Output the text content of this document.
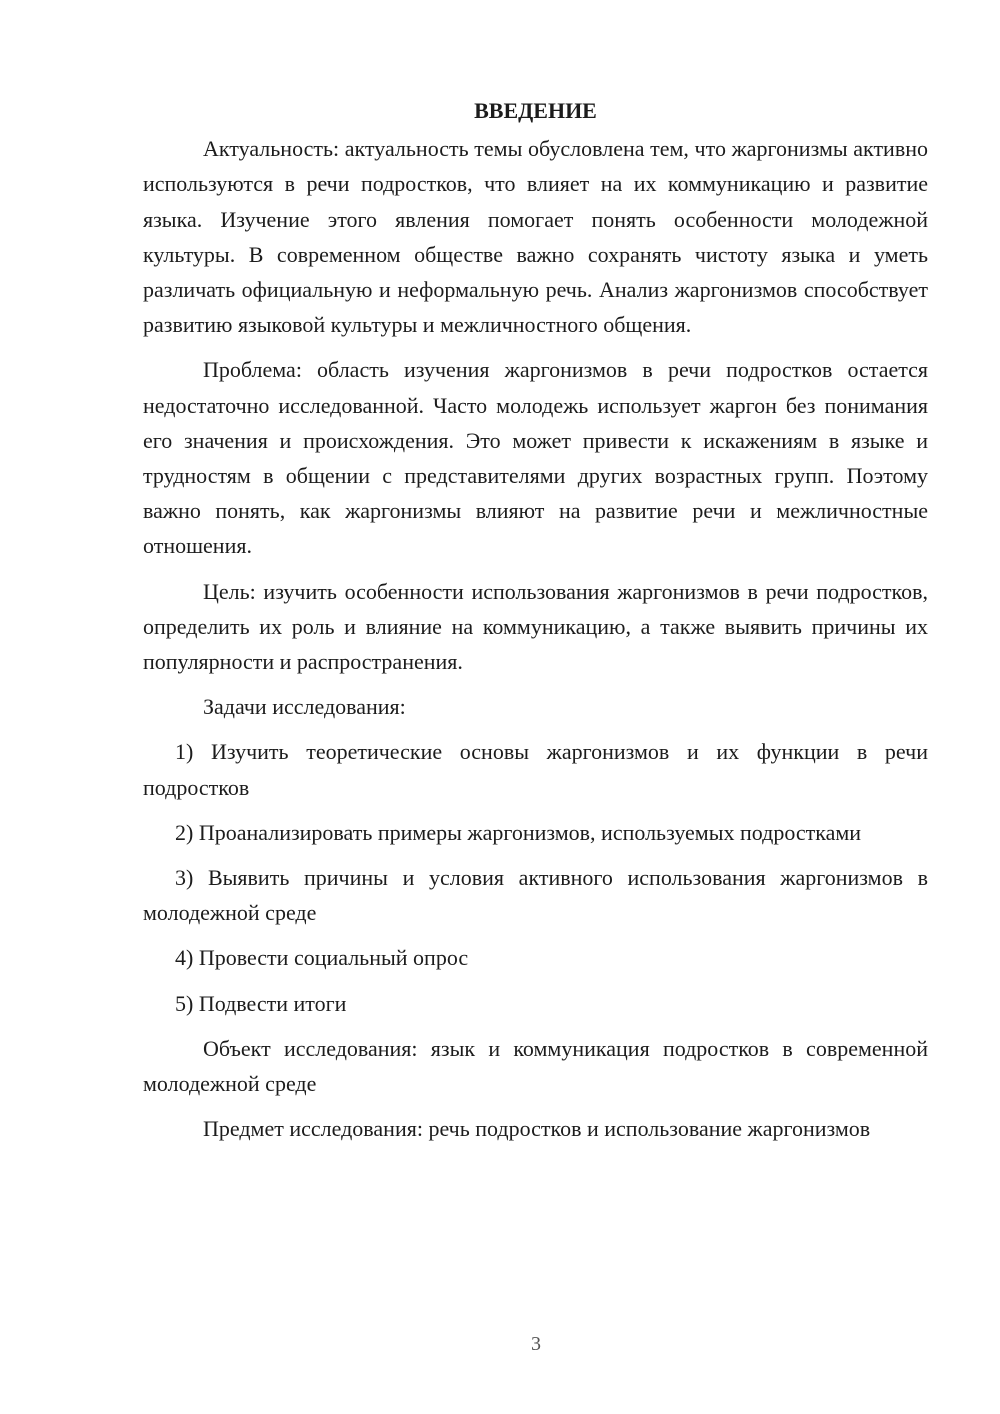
ВВЕДЕНИЕ

Актуальность: актуальность темы обусловлена тем, что жаргонизмы активно используются в речи подростков, что влияет на их коммуникацию и развитие языка. Изучение этого явления помогает понять особенности молодежной культуры. В современном обществе важно сохранять чистоту языка и уметь различать официальную и неформальную речь. Анализ жаргонизмов способствует развитию языковой культуры и межличностного общения.

Проблема: область изучения жаргонизмов в речи подростков остается недостаточно исследованной. Часто молодежь использует жаргон без понимания его значения и происхождения. Это может привести к искажениям в языке и трудностям в общении с представителями других возрастных групп. Поэтому важно понять, как жаргонизмы влияют на развитие речи и межличностные отношения.

Цель: изучить особенности использования жаргонизмов в речи подростков, определить их роль и влияние на коммуникацию, а также выявить причины их популярности и распространения.

Задачи исследования:

1) Изучить теоретические основы жаргонизмов и их функции в речи подростков

2) Проанализировать примеры жаргонизмов, используемых подростками

3) Выявить причины и условия активного использования жаргонизмов в молодежной среде

4) Провести социальный опрос

5) Подвести итоги

Объект исследования: язык и коммуникация подростков в современной молодежной среде

Предмет исследования: речь подростков и использование жаргонизмов

3
